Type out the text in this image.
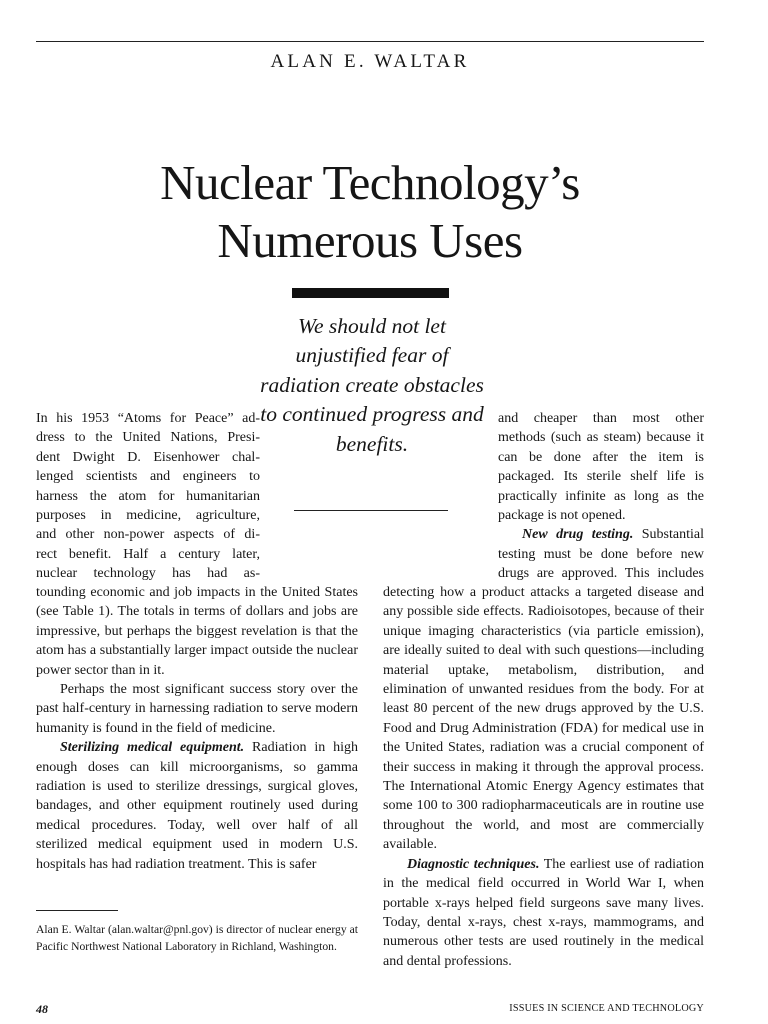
ALAN E. WALTAR
Nuclear Technology’s
Numerous Uses
We should not let unjustified fear of radiation create obstacles to continued progress and benefits.

In his 1953 “Atoms for Peace” ad-

dress to the United Nations, Presi-

dent Dwight D. Eisenhower chal-

lenged scientists and engineers to

harness the atom for humanitarian

purposes in medicine, agriculture,

and other non-power aspects of di-

rect benefit. Half a century later,

nuclear technology has had as-

tounding economic and job impacts in the United States (see Table 1). The totals in terms of dollars and jobs are impressive, but perhaps the biggest revelation is that the atom has a substantially larger impact outside the nuclear power sector than in it.

Perhaps the most significant success story over the past half-century in harnessing radiation to serve modern humanity is found in the field of medicine.

Sterilizing medical equipment. Radiation in high enough doses can kill microorganisms, so gamma radiation is used to sterilize dressings, surgical gloves, bandages, and other equipment routinely used during medical procedures. Today, well over half of all sterilized medical equipment used in modern U.S. hospitals has had radiation treatment. This is safer

and cheaper than most other methods (such as steam) because it can be done after the item is packaged. Its sterile shelf life is practically infinite as long as the package is not opened.

New drug testing. Substantial testing must be done before new drugs are approved. This includes

detecting how a product attacks a targeted disease and any possible side effects. Radioisotopes, because of their unique imaging characteristics (via particle emission), are ideally suited to deal with such questions—including material uptake, metabolism, distribution, and elimination of unwanted residues from the body. For at least 80 percent of the new drugs approved by the U.S. Food and Drug Administration (FDA) for medical use in the United States, radiation was a crucial component of their success in making it through the approval process. The International Atomic Energy Agency estimates that some 100 to 300 radiopharmaceuticals are in routine use throughout the world, and most are commercially available.

Diagnostic techniques. The earliest use of radiation in the medical field occurred in World War I, when portable x-rays helped field surgeons save many lives. Today, dental x-rays, chest x-rays, mammograms, and numerous other tests are used routinely in the medical and dental professions.

Alan E. Waltar (alan.waltar@pnl.gov) is director of nuclear energy at Pacific Northwest National Laboratory in Richland, Washington.

48	ISSUES IN SCIENCE AND TECHNOLOGY
